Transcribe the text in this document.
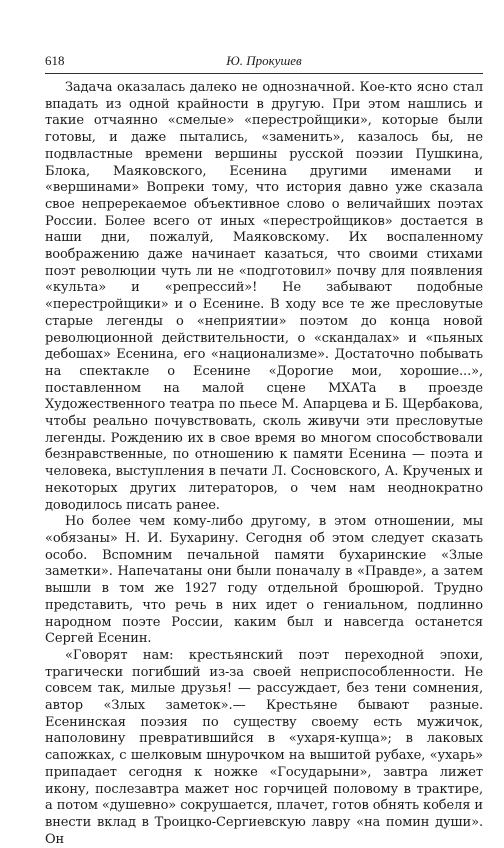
618	Ю. Прокушев

Задача оказалась далеко не однозначной. Кое-кто ясно стал впадать из одной крайности в другую. При этом нашлись и такие отчаянно «смелые» «перестройщики», которые были готовы, и даже пытались, «заменить», казалось бы, не подвластные времени вершины русской поэзии Пушкина, Блока, Маяковского, Есенина другими именами и «вершинами» Вопреки тому, что история давно уже сказала свое непререкаемое объективное слово о величайших поэтах России. Более всего от иных «перестройщиков» достается в наши дни, пожалуй, Маяковскому. Их воспаленному воображению даже начинает казаться, что своими стихами поэт революции чуть ли не «подготовил» почву для появления «культа» и «репрессий»! Не забывают подобные «перестройщики» и о Есенине. В ходу все те же пресловутые старые легенды о «неприятии» поэтом до конца новой революционной действительности, о «скандалах» и «пьяных дебошах» Есенина, его «национализме». Достаточно побывать на спектакле о Есенине «Дорогие мои, хорошие...», поставленном на малой сцене МХАТа в проезде Художественного театра по пьесе М. Апарцева и Б. Щербакова, чтобы реально почувствовать, сколь живучи эти пресловутые легенды. Рождению их в свое время во многом способствовали безнравственные, по отношению к памяти Есенина — поэта и человека, выступления в печати Л. Сосновского, А. Крученых и некоторых других литераторов, о чем нам неоднократно доводилось писать ранее.

Но более чем кому-либо другому, в этом отношении, мы «обязаны» Н. И. Бухарину. Сегодня об этом следует сказать особо. Вспомним печальной памяти бухаринские «Злые заметки». Напечатаны они были поначалу в «Правде», а затем вышли в том же 1927 году отдельной брошюрой. Трудно представить, что речь в них идет о гениальном, подлинно народном поэте России, каким был и навсегда останется Сергей Есенин.

«Говорят нам: крестьянский поэт переходной эпохи, трагически погибший из-за своей неприспособленности. Не совсем так, милые друзья! — рассуждает, без тени сомнения, автор «Злых заметок».— Крестьяне бывают разные. Есенинская поэзия по существу своему есть мужичок, наполовину превратившийся в «ухаря-купца»; в лаковых сапожках, с шелковым шнурочком на вышитой рубахе, «ухарь» припадает сегодня к ножке «Государыни», завтра лижет икону, послезавтра мажет нос горчицей половому в трактире, а потом «душевно» сокрушается, плачет, готов обнять кобеля и внести вклад в Троицко-Сергиевскую лавру «на помин души». Он
